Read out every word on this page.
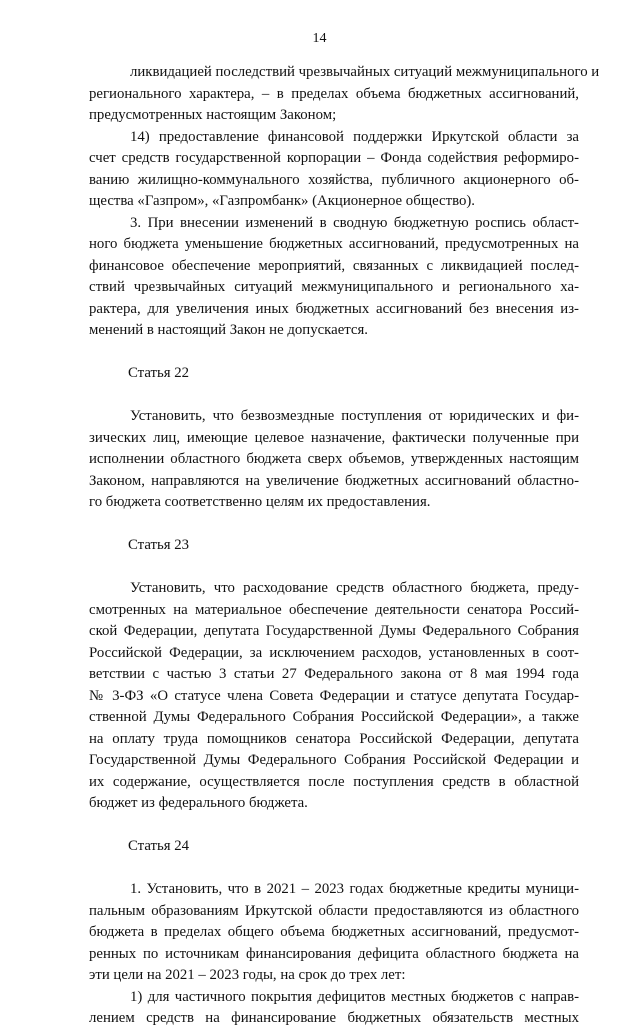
14
ликвидацией последствий чрезвычайных ситуаций межмуниципального и
регионального характера, – в пределах объема бюджетных ассигнований,
предусмотренных настоящим Законом;
14) предоставление финансовой поддержки Иркутской области за
счет средств государственной корпорации – Фонда содействия реформиро-
ванию жилищно-коммунального хозяйства, публичного акционерного об-
щества «Газпром», «Газпромбанк» (Акционерное общество).
3. При внесении изменений в сводную бюджетную роспись област-
ного бюджета уменьшение бюджетных ассигнований, предусмотренных на
финансовое обеспечение мероприятий, связанных с ликвидацией послед-
ствий чрезвычайных ситуаций межмуниципального и регионального ха-
рактера, для увеличения иных бюджетных ассигнований без внесения из-
менений в настоящий Закон не допускается.
Статья 22
Установить, что безвозмездные поступления от юридических и фи-
зических лиц, имеющие целевое назначение, фактически полученные при
исполнении областного бюджета сверх объемов, утвержденных настоящим
Законом, направляются на увеличение бюджетных ассигнований областно-
го бюджета соответственно целям их предоставления.
Статья 23
Установить, что расходование средств областного бюджета, преду-
смотренных на материальное обеспечение деятельности сенатора Россий-
ской Федерации, депутата Государственной Думы Федерального Собрания
Российской Федерации, за исключением расходов, установленных в соот-
ветствии с частью 3 статьи 27 Федерального закона от 8 мая 1994 года
№ 3-ФЗ «О статусе члена Совета Федерации и статусе депутата Государ-
ственной Думы Федерального Собрания Российской Федерации», а также
на оплату труда помощников сенатора Российской Федерации, депутата
Государственной Думы Федерального Собрания Российской Федерации и
их содержание, осуществляется после поступления средств в областной
бюджет из федерального бюджета.
Статья 24
1. Установить, что в 2021 – 2023 годах бюджетные кредиты муници-
пальным образованиям Иркутской области предоставляются из областного
бюджета в пределах общего объема бюджетных ассигнований, предусмот-
ренных по источникам финансирования дефицита областного бюджета на
эти цели на 2021 – 2023 годы, на срок до трех лет:
1) для частичного покрытия дефицитов местных бюджетов с направ-
лением средств на финансирование бюджетных обязательств местных
